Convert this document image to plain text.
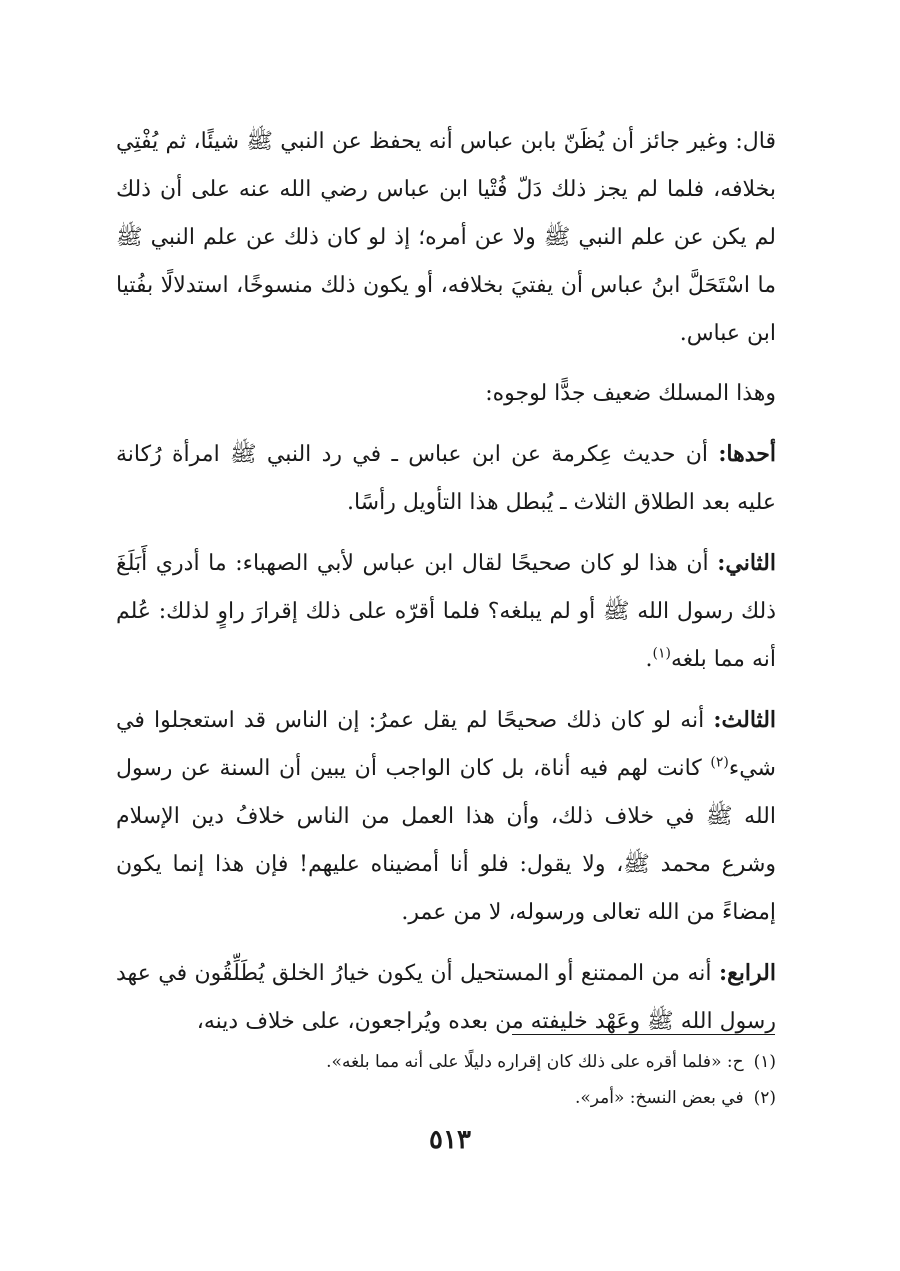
قال: وغير جائز أن يُظَنّ بابن عباس أنه يحفظ عن النبي ﷺ شيئًا، ثم يُفْتِي بخلافه، فلما لم يجز ذلك دَلّ فُتْيا ابن عباس رضي الله عنه على أن ذلك لم يكن عن علم النبي ﷺ ولا عن أمره؛ إذ لو كان ذلك عن علم النبي ﷺ ما اسْتَحَلَّ ابنُ عباس أن يفتيَ بخلافه، أو يكون ذلك منسوخًا، استدلالًا بفُتيا ابن عباس.

وهذا المسلك ضعيف جدًّا لوجوه:

أحدها: أن حديث عِكرمة عن ابن عباس ـ في رد النبي ﷺ امرأة رُكانة عليه بعد الطلاق الثلاث ـ يُبطل هذا التأويل رأسًا.

الثاني: أن هذا لو كان صحيحًا لقال ابن عباس لأبي الصهباء: ما أدري أَبَلَغَ ذلك رسول الله ﷺ أو لم يبلغه؟ فلما أقرّه على ذلك إقرارَ راوٍ لذلك: عُلم أنه مما بلغه$^{(١)}$.

الثالث: أنه لو كان ذلك صحيحًا لم يقل عمرُ: إن الناس قد استعجلوا في شيء$^{(٢)}$ كانت لهم فيه أناة، بل كان الواجب أن يبين أن السنة عن رسول الله ﷺ في خلاف ذلك، وأن هذا العمل من الناس خلافُ دين الإسلام وشرع محمد ﷺ، ولا يقول: فلو أنا أمضيناه عليهم! فإن هذا إنما يكون إمضاءً من الله تعالى ورسوله، لا من عمر.

الرابع: أنه من الممتنع أو المستحيل أن يكون خيارُ الخلق يُطَلِّقُون في عهد رسول الله ﷺ وعَهْد خليفته من بعده ويُراجعون، على خلاف دينه،

(١)ح: «فلما أقره على ذلك كان إقراره دليلًا على أنه مما بلغه».

(٢)في بعض النسخ: «أمر».

٥١٣
